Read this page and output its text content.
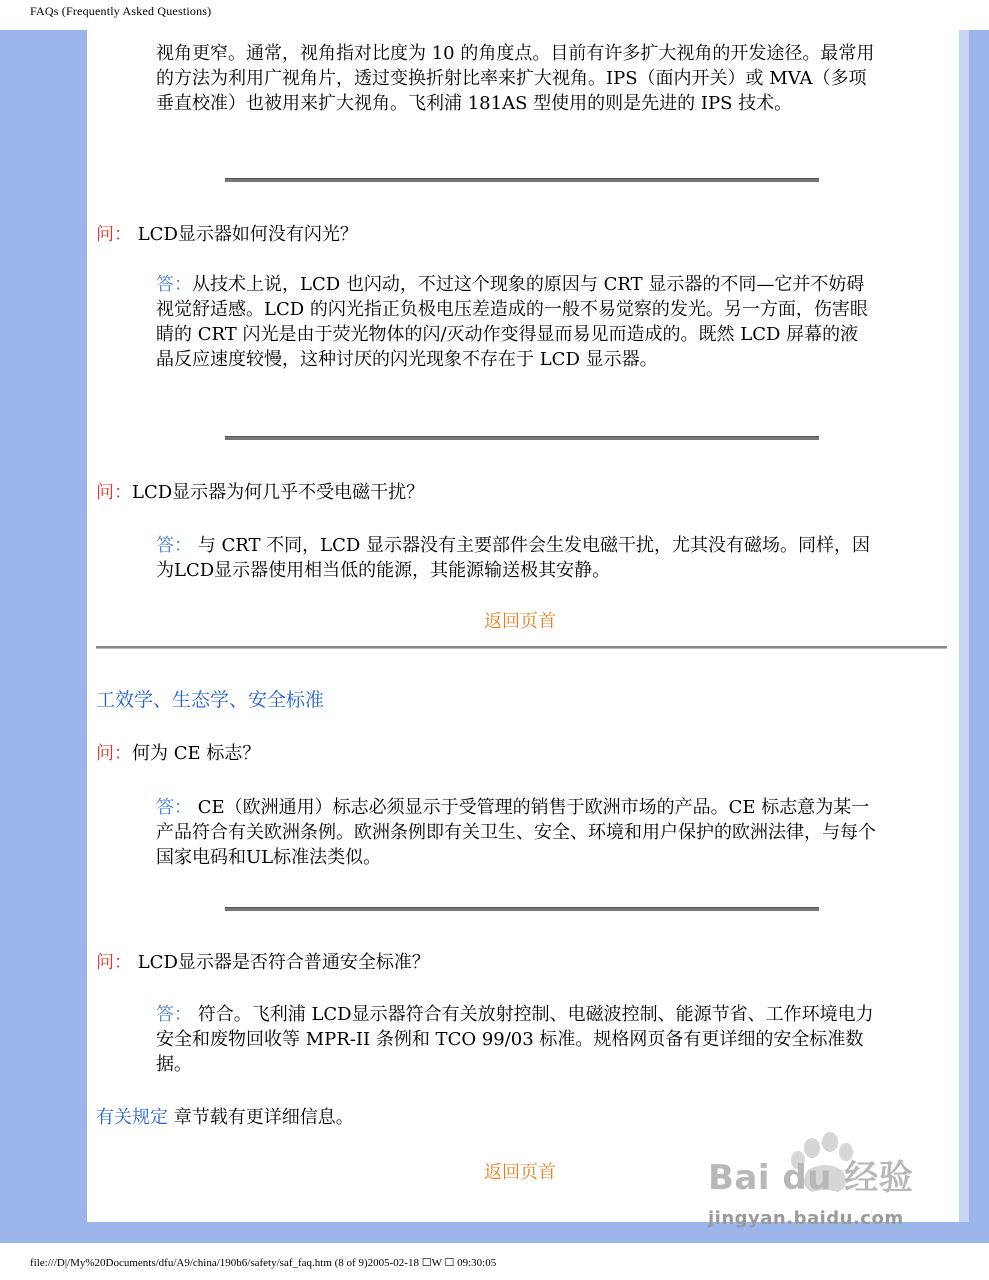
FAQs (Frequently Asked Questions)
视角更窄。通常，视角指对比度为 10 的角度点。目前有许多扩大视角的开发途径。最常用的方法为利用广视角片，透过变换折射比率来扩大视角。IPS（面内开关）或 MVA（多项垂直校准）也被用来扩大视角。飞利浦 181AS 型使用的则是先进的 IPS 技术。
问： LCD显示器如何没有闪光？
答：从技术上说，LCD 也闪动，不过这个现象的原因与 CRT 显示器的不同—它并不妨碍视觉舒适感。LCD 的闪光指正负极电压差造成的一般不易觉察的发光。另一方面，伤害眼睛的 CRT 闪光是由于荧光物体的闪/灭动作变得显而易见而造成的。既然 LCD 屏幕的液晶反应速度较慢，这种讨厌的闪光现象不存在于 LCD 显示器。
问：LCD显示器为何几乎不受电磁干扰？
答： 与 CRT 不同，LCD 显示器没有主要部件会生发电磁干扰，尤其没有磁场。同样，因为LCD显示器使用相当低的能源，其能源输送极其安静。
返回页首
工效学、生态学、安全标准
问：何为 CE 标志？
答： CE（欧洲通用）标志必须显示于受管理的销售于欧洲市场的产品。CE 标志意为某一产品符合有关欧洲条例。欧洲条例即有关卫生、安全、环境和用户保护的欧洲法律，与每个国家电码和UL标准法类似。
问： LCD显示器是否符合普通安全标准？
答： 符合。飞利浦 LCD显示器符合有关放射控制、电磁波控制、能源节省、工作环境电力安全和废物回收等 MPR-II 条例和 TCO 99/03 标准。规格网页备有更详细的安全标准数据。
有关规定 章节载有更详细信息。
返回页首	Bai du 经验
jingyan.baidu.com
file:///D|/My%20Documents/dfu/A9/china/190b6/safety/saf_faq.htm (8 of 9)2005-02-18 ☐W ☐ 09:30:05
